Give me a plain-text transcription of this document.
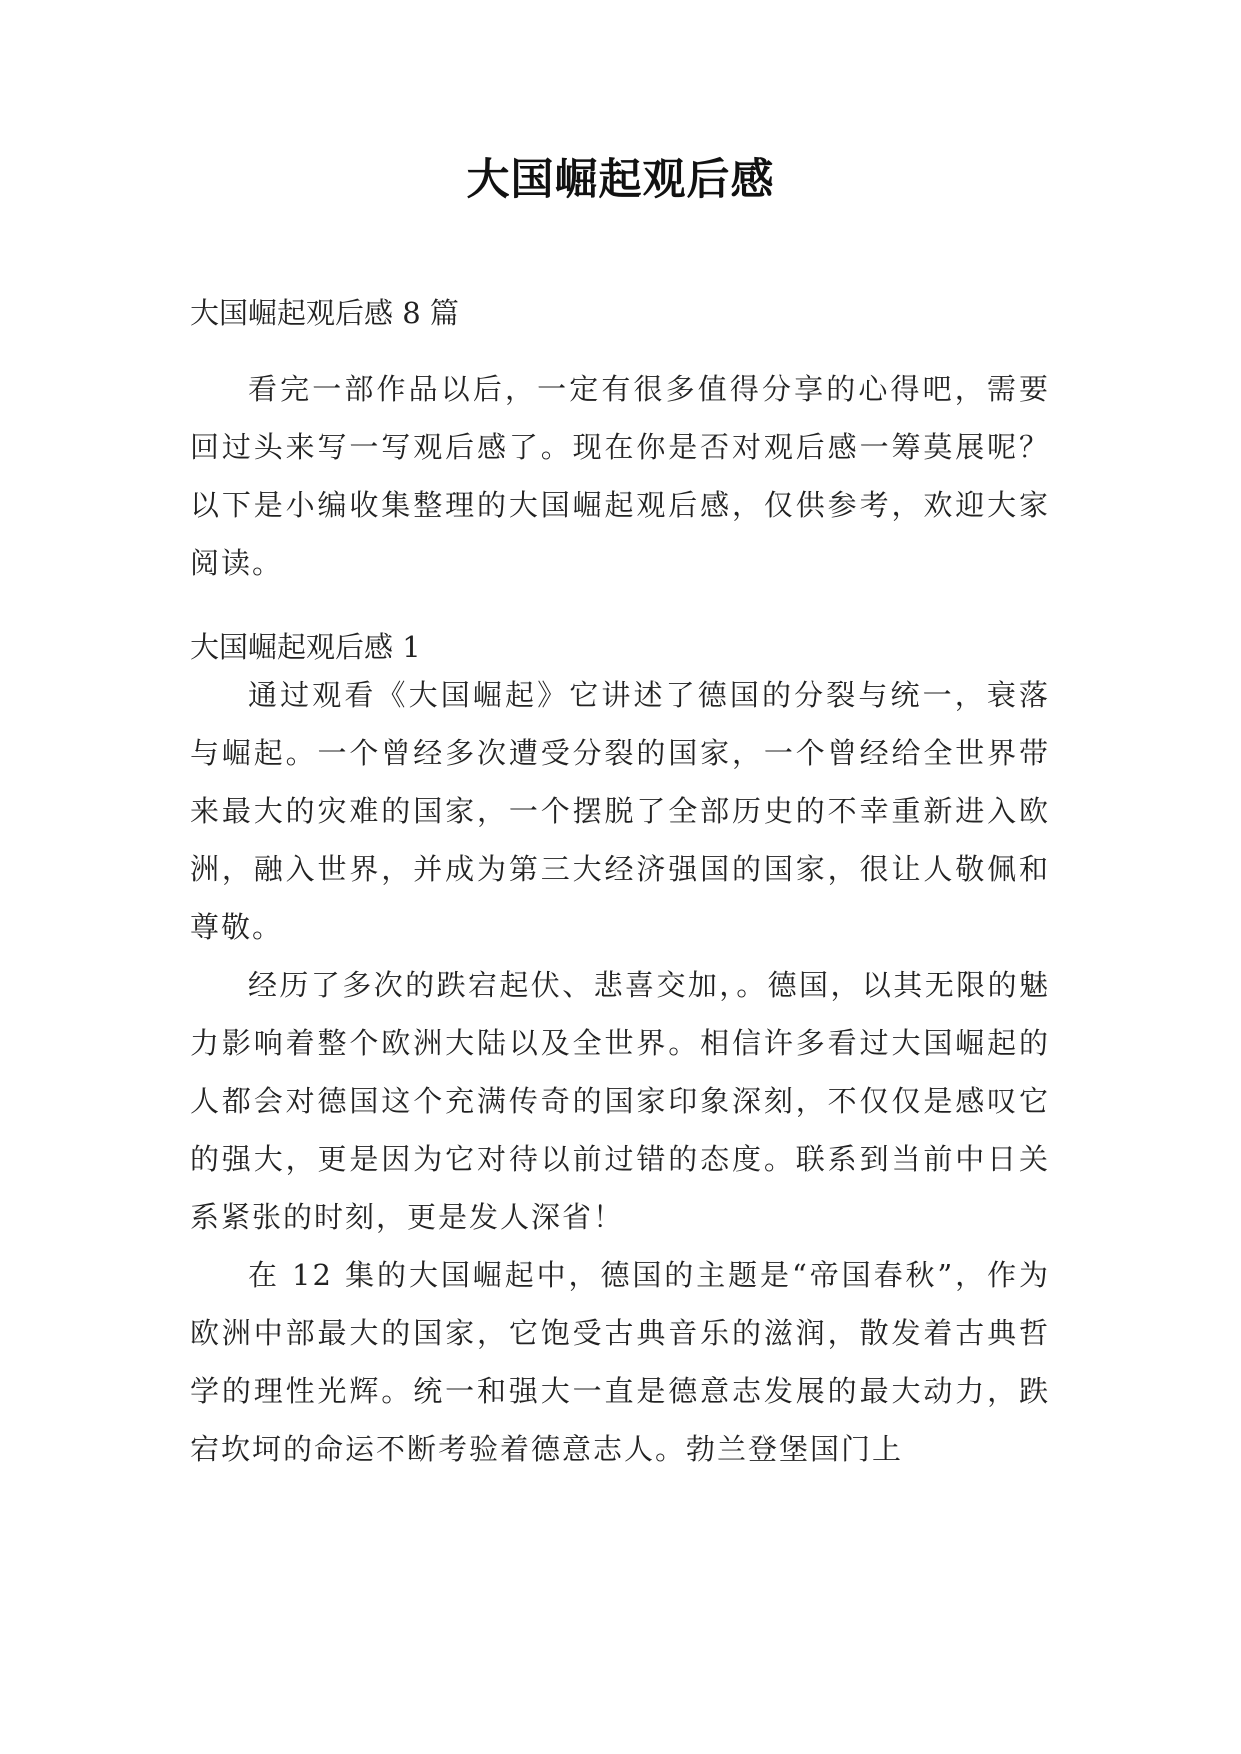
大国崛起观后感
大国崛起观后感 8 篇

看完一部作品以后，一定有很多值得分享的心得吧，需要回过头来写一写观后感了。现在你是否对观后感一筹莫展呢？以下是小编收集整理的大国崛起观后感，仅供参考，欢迎大家阅读。

大国崛起观后感 1

通过观看《大国崛起》它讲述了德国的分裂与统一，衰落与崛起。一个曾经多次遭受分裂的国家，一个曾经给全世界带来最大的灾难的国家，一个摆脱了全部历史的不幸重新进入欧洲，融入世界，并成为第三大经济强国的国家，很让人敬佩和尊敬。

经历了多次的跌宕起伏、悲喜交加，。德国，以其无限的魅力影响着整个欧洲大陆以及全世界。相信许多看过大国崛起的人都会对德国这个充满传奇的国家印象深刻，不仅仅是感叹它的强大，更是因为它对待以前过错的态度。联系到当前中日关系紧张的时刻，更是发人深省！

在 12 集的大国崛起中，德国的主题是“帝国春秋”，作为欧洲中部最大的国家，它饱受古典音乐的滋润，散发着古典哲学的理性光辉。统一和强大一直是德意志发展的最大动力，跌宕坎坷的命运不断考验着德意志人。勃兰登堡国门上
